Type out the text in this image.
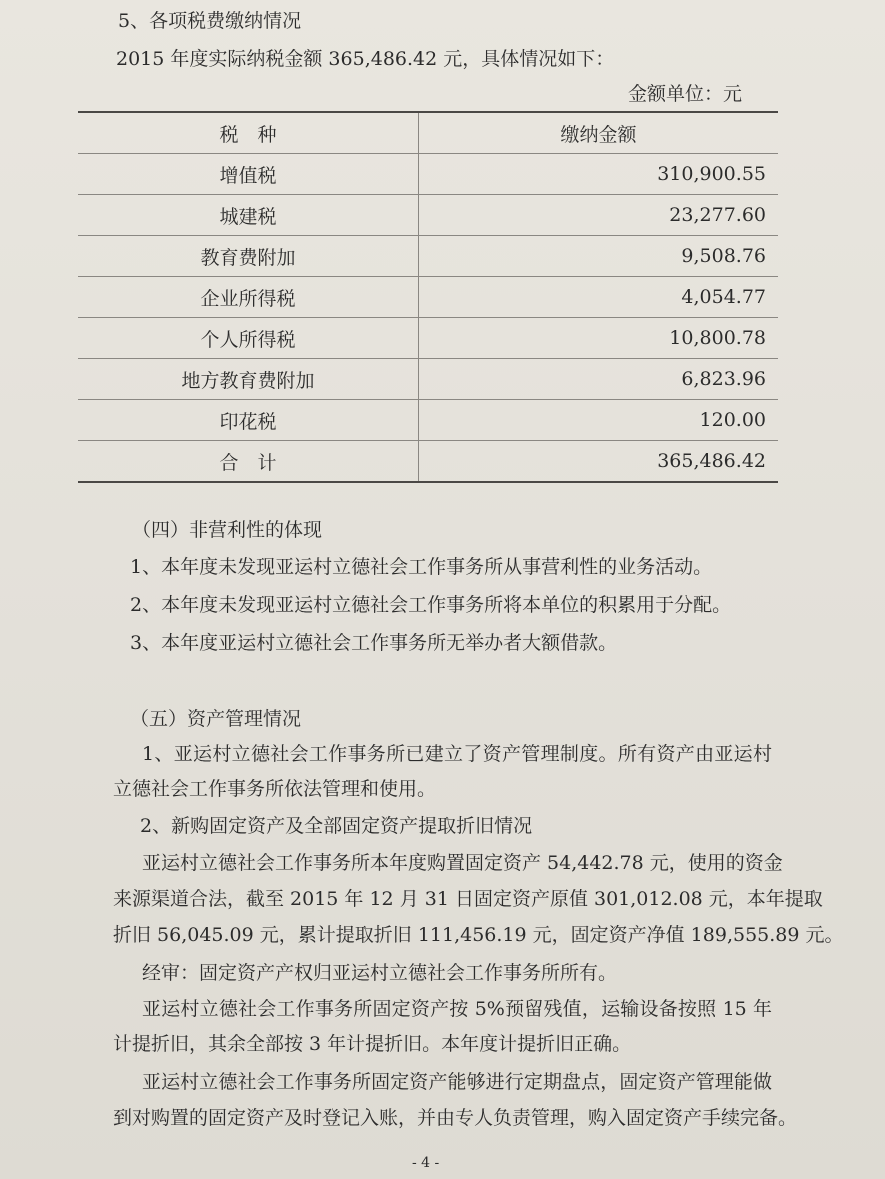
5、各项税费缴纳情况
2015 年度实际纳税金额 365,486.42 元，具体情况如下：
金额单位：元
税　种	缴纳金额
增值税	310,900.55
城建税	23,277.60
教育费附加	9,508.76
企业所得税	4,054.77
个人所得税	10,800.78
地方教育费附加	6,823.96
印花税	120.00
合　计	365,486.42
（四）非营利性的体现
1、本年度未发现亚运村立德社会工作事务所从事营利性的业务活动。
2、本年度未发现亚运村立德社会工作事务所将本单位的积累用于分配。
3、本年度亚运村立德社会工作事务所无举办者大额借款。
（五）资产管理情况
1、亚运村立德社会工作事务所已建立了资产管理制度。所有资产由亚运村
立德社会工作事务所依法管理和使用。
2、新购固定资产及全部固定资产提取折旧情况
亚运村立德社会工作事务所本年度购置固定资产 54,442.78 元，使用的资金
来源渠道合法，截至 2015 年 12 月 31 日固定资产原值 301,012.08 元，本年提取
折旧 56,045.09 元，累计提取折旧 111,456.19 元，固定资产净值 189,555.89 元。
经审：固定资产产权归亚运村立德社会工作事务所所有。
亚运村立德社会工作事务所固定资产按 5%预留残值，运输设备按照 15 年
计提折旧，其余全部按 3 年计提折旧。本年度计提折旧正确。
亚运村立德社会工作事务所固定资产能够进行定期盘点，固定资产管理能做
到对购置的固定资产及时登记入账，并由专人负责管理，购入固定资产手续完备。
- 4 -
